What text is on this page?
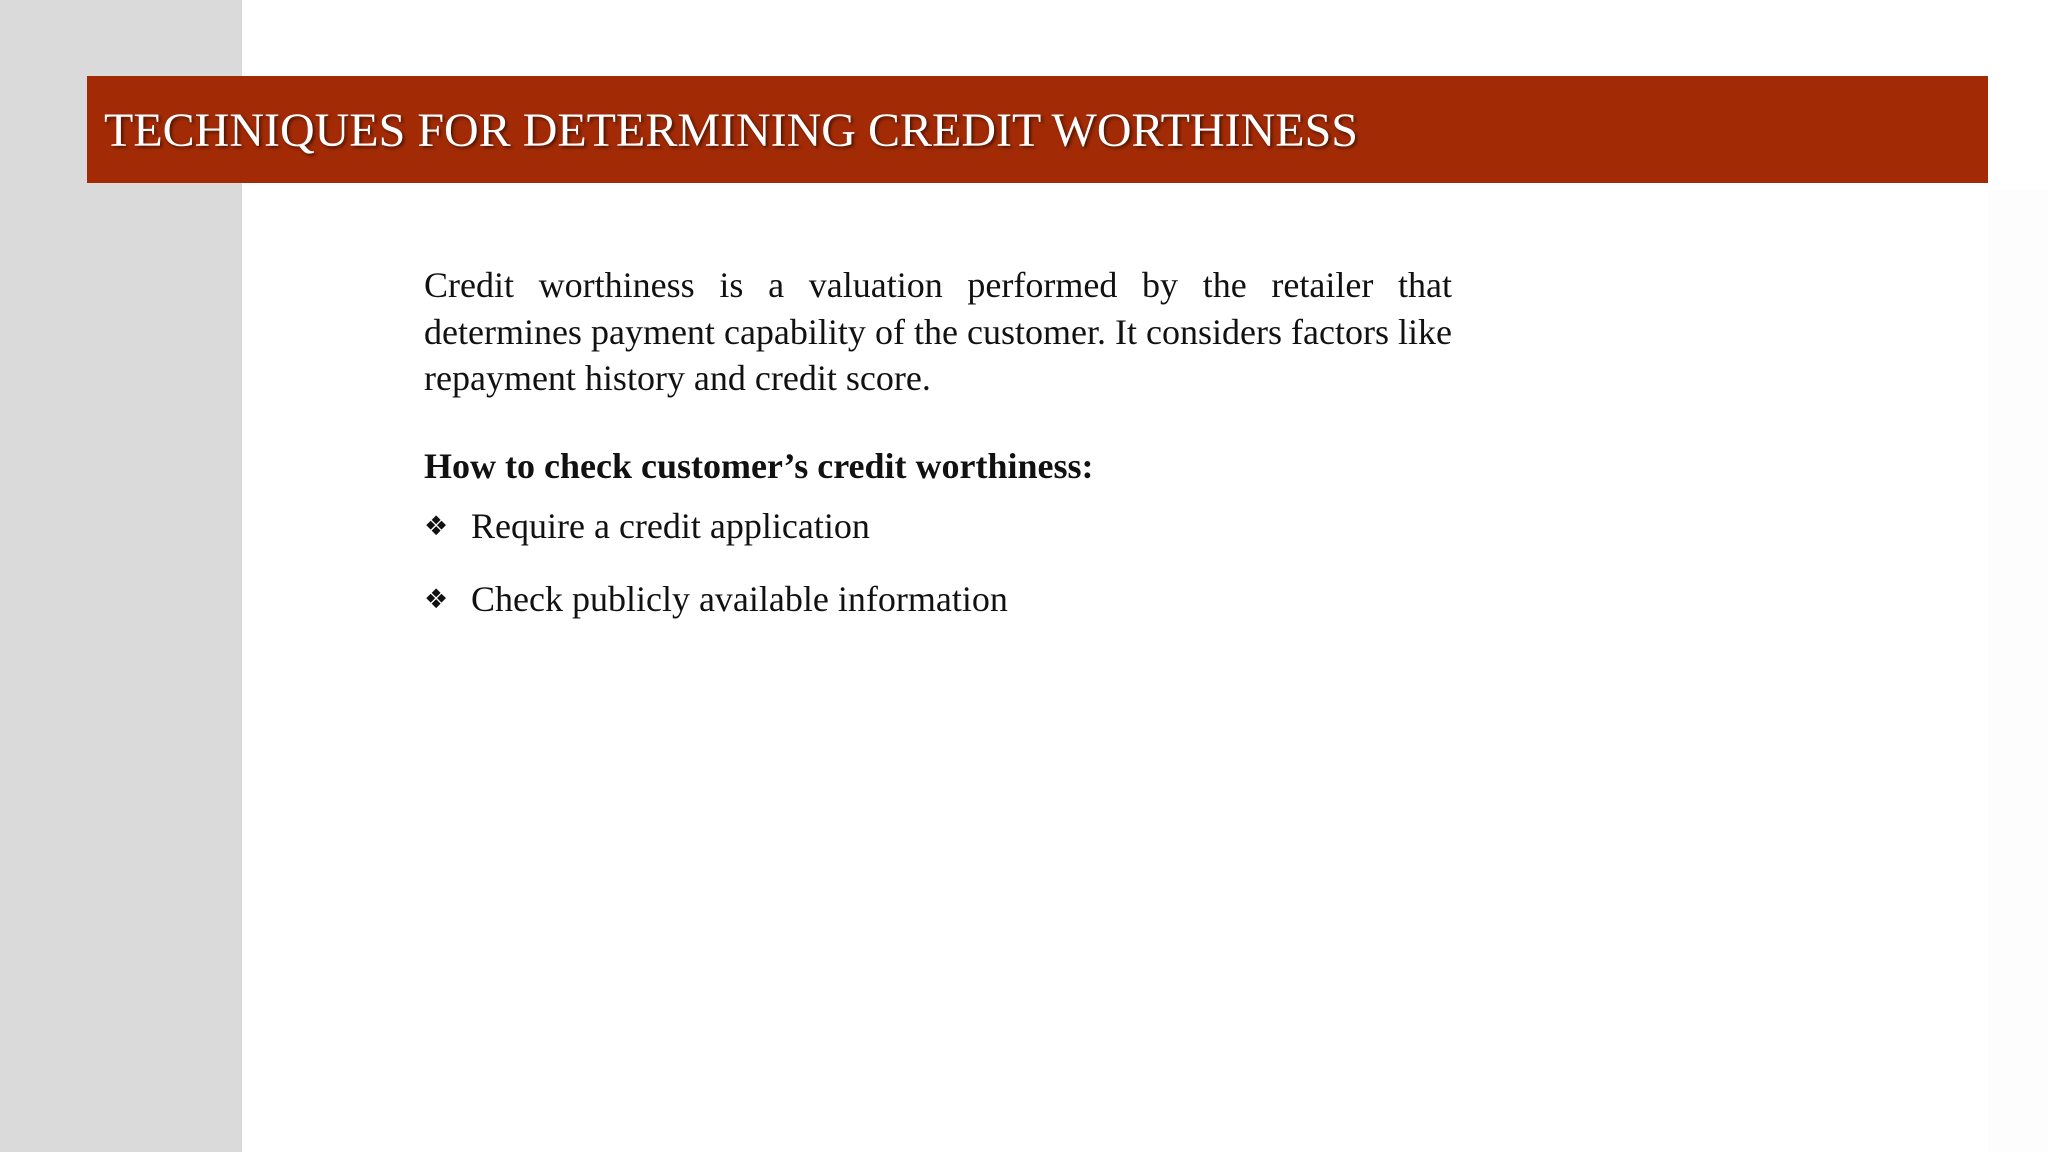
TECHNIQUES FOR DETERMINING CREDIT WORTHINESS

Credit worthiness is a valuation performed by the retailer that determines payment capability of the customer. It considers factors like repayment history and credit score.

How to check customer’s credit worthiness:
❖ Require a credit application
❖ Check publicly available information
